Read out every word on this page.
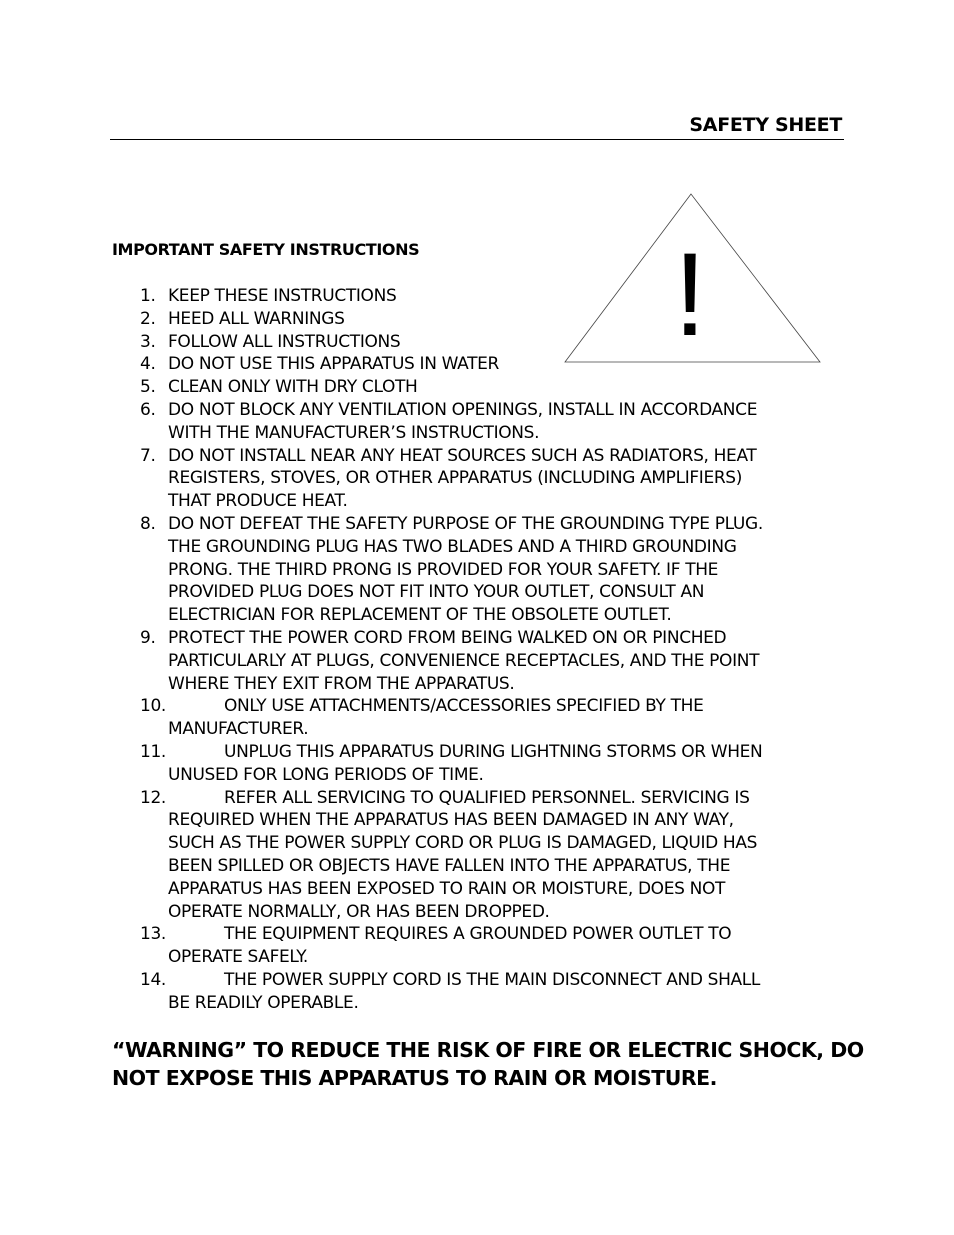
SAFETY SHEET
!
IMPORTANT SAFETY INSTRUCTIONS
1. KEEP THESE INSTRUCTIONS
2. HEED ALL WARNINGS
3. FOLLOW ALL INSTRUCTIONS
4. DO NOT USE THIS APPARATUS IN WATER
5. CLEAN ONLY WITH DRY CLOTH
6. DO NOT BLOCK ANY VENTILATION OPENINGS, INSTALL IN ACCORDANCE
WITH THE MANUFACTURER’S INSTRUCTIONS.
7. DO NOT INSTALL NEAR ANY HEAT SOURCES SUCH AS RADIATORS, HEAT
REGISTERS, STOVES, OR OTHER APPARATUS (INCLUDING AMPLIFIERS)
THAT PRODUCE HEAT.
8. DO NOT DEFEAT THE SAFETY PURPOSE OF THE GROUNDING TYPE PLUG.
THE GROUNDING PLUG HAS TWO BLADES AND A THIRD GROUNDING
PRONG. THE THIRD PRONG IS PROVIDED FOR YOUR SAFETY. IF THE
PROVIDED PLUG DOES NOT FIT INTO YOUR OUTLET, CONSULT AN
ELECTRICIAN FOR REPLACEMENT OF THE OBSOLETE OUTLET.
9. PROTECT THE POWER CORD FROM BEING WALKED ON OR PINCHED
PARTICULARLY AT PLUGS, CONVENIENCE RECEPTACLES, AND THE POINT
WHERE THEY EXIT FROM THE APPARATUS.
10.	ONLY USE ATTACHMENTS/ACCESSORIES SPECIFIED BY THE
MANUFACTURER.
11.	UNPLUG THIS APPARATUS DURING LIGHTNING STORMS OR WHEN
UNUSED FOR LONG PERIODS OF TIME.
12.	REFER ALL SERVICING TO QUALIFIED PERSONNEL. SERVICING IS
REQUIRED WHEN THE APPARATUS HAS BEEN DAMAGED IN ANY WAY,
SUCH AS THE POWER SUPPLY CORD OR PLUG IS DAMAGED, LIQUID HAS
BEEN SPILLED OR OBJECTS HAVE FALLEN INTO THE APPARATUS, THE
APPARATUS HAS BEEN EXPOSED TO RAIN OR MOISTURE, DOES NOT
OPERATE NORMALLY, OR HAS BEEN DROPPED.
13.	THE EQUIPMENT REQUIRES A GROUNDED POWER OUTLET TO
OPERATE SAFELY.
14.	THE POWER SUPPLY CORD IS THE MAIN DISCONNECT AND SHALL
BE READILY OPERABLE.
“WARNING” TO REDUCE THE RISK OF FIRE OR ELECTRIC SHOCK, DO
NOT EXPOSE THIS APPARATUS TO RAIN OR MOISTURE.
